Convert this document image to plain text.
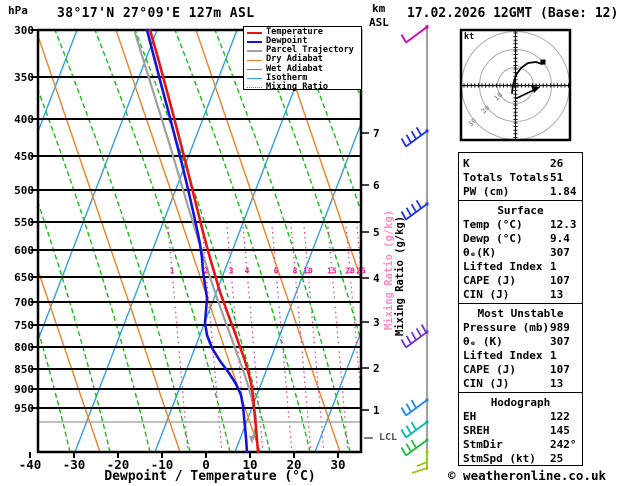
10
20
30
hPa 38°17'N 27°09'E 127m ASL	km
ASL
17.02.2026 12GMT (Base: 12)
300
350
400
450
500
550
600
650
700
750
800
850
900
950
-40 -30 -20 -10 0	10 20 30
7
6
5
4
3
2
1
1	2	3 4	6 8 10 15 20 25
Dewpoint / Temperature (°C)
LCL
Mixing Ratio (g/kg) Mixing Ratio (g/kg)
kt
Temperature
Dewpoint
Parcel Trajectory
Dry Adiabat
Wet Adiabat
Isotherm
Mixing Ratio
K	26
Totals Totals 51
PW (cm)	1.84
Surface
Temp (°C) 12.3
Dewp (°C) 9.4
θₑ(K)	307
Lifted Index 1
CAPE (J)	107
CIN (J)	13
Most Unstable
Pressure (mb) 989
θₑ (K)	307
Lifted Index 1
CAPE (J)	107
CIN (J)	13
Hodograph
EH	122
SREH	145
StmDir	242°
StmSpd (kt) 25
© weatheronline.co.uk
